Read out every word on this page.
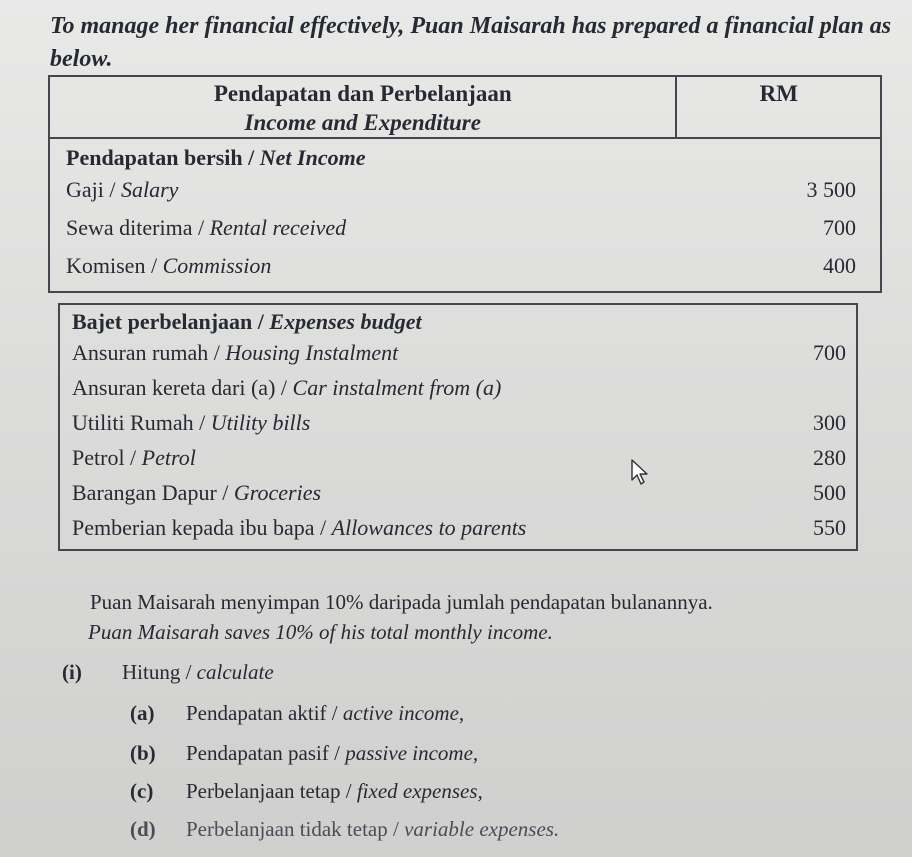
To manage her financial effectively, Puan Maisarah has prepared a financial plan as below.

Pendapatan dan Perbelanjaan
Income and Expenditure

RM

Pendapatan bersih / Net Income
Gaji / Salary	3 500
Sewa diterima / Rental received	700
Komisen / Commission	400
Bajet perbelanjaan / Expenses budget
Ansuran rumah / Housing Instalment	700
Ansuran kereta dari (a) / Car instalment from (a)
Utiliti Rumah / Utility bills	300
Petrol / Petrol	280
Barangan Dapur / Groceries	500
Pemberian kepada ibu bapa / Allowances to parents	550

Puan Maisarah menyimpan 10% daripada jumlah pendapatan bulanannya.

Puan Maisarah saves 10% of his total monthly income.

(i) Hitung / calculate
(a) Pendapatan aktif / active income,
(b) Pendapatan pasif / passive income,
(c) Perbelanjaan tetap / fixed expenses,
(d) Perbelanjaan tidak tetap / variable expenses.
